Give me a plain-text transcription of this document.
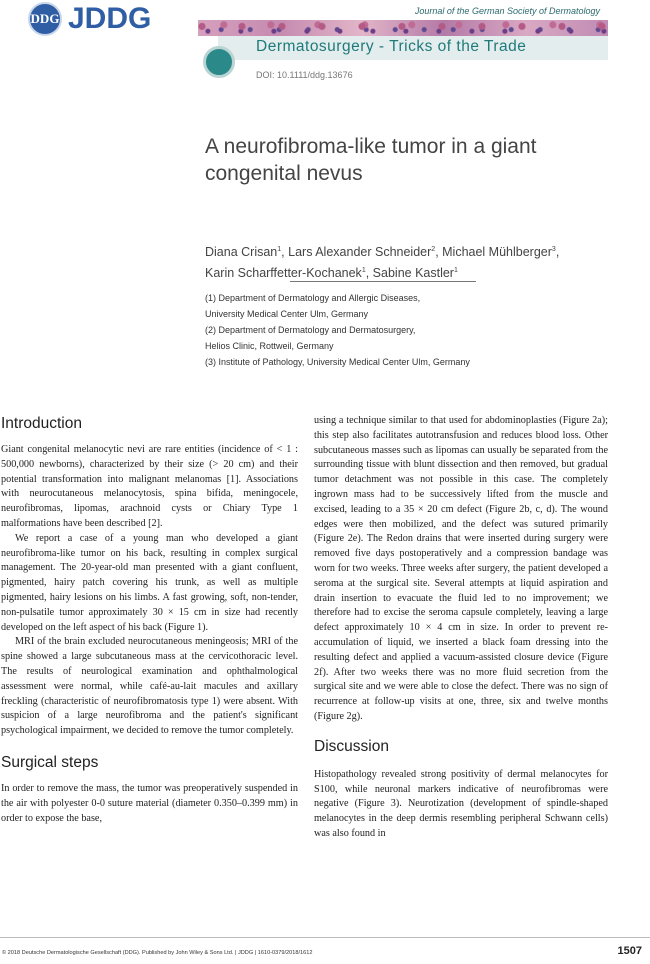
DDG JDDG	Journal of the German Society of Dermatology
Dermatosurgery - Tricks of the Trade
DOI: 10.1111/ddg.13676
A neurofibroma-like tumor in a giant
congenital nevus
Diana Crisan$^1$, Lars Alexander Schneider$^2$, Michael Mühlberger$^3$,
Karin Scharffetter-Kochanek$^1$, Sabine Kastler$^1$
(1) Department of Dermatology and Allergic Diseases,
University Medical Center Ulm, Germany
(2) Department of Dermatology and Dermatosurgery,
Helios Clinic, Rottweil, Germany
(3) Institute of Pathology, University Medical Center Ulm, Germany
Introduction

Giant congenital melanocytic nevi are rare entities (incidence of < 1 : 500,000 newborns), characterized by their size (> 20 cm) and their potential transformation into malignant melanomas [1]. Associations with neurocutaneous melanocytosis, spina bifida, meningocele, neurofibromas, lipomas, arachnoid cysts or Chiary Type 1 malformations have been described [2].

We report a case of a young man who developed a giant neurofibroma-like tumor on his back, resulting in complex surgical management. The 20-year-old man presented with a giant confluent, pigmented, hairy patch covering his trunk, as well as multiple pigmented, hairy lesions on his limbs. A fast growing, soft, non-tender, non-pulsatile tumor approximately 30 × 15 cm in size had recently developed on the left aspect of his back (Figure 1).

MRI of the brain excluded neurocutaneous meningeosis; MRI of the spine showed a large subcutaneous mass at the cervicothoracic level. The results of neurological examination and ophthalmological assessment were normal, while café-au-lait macules and axillary freckling (characteristic of neurofibromatosis type 1) were absent. With suspicion of a large neurofibroma and the patient's significant psychological impairment, we decided to remove the tumor completely.

Surgical steps

In order to remove the mass, the tumor was preoperatively suspended in the air with polyester 0-0 suture material (diameter 0.350–0.399 mm) in order to expose the base,

using a technique similar to that used for abdominoplasties (Figure 2a); this step also facilitates autotransfusion and reduces blood loss. Other subcutaneous masses such as lipomas can usually be separated from the surrounding tissue with blunt dissection and then removed, but gradual tumor detachment was not possible in this case. The completely ingrown mass had to be successively lifted from the muscle and excised, leading to a 35 × 20 cm defect (Figure 2b, c, d). The wound edges were then mobilized, and the defect was sutured primarily (Figure 2e). The Redon drains that were inserted during surgery were removed five days postoperatively and a compression bandage was worn for two weeks. Three weeks after surgery, the patient developed a seroma at the surgical site. Several attempts at liquid aspiration and drain insertion to evacuate the fluid led to no improvement; we therefore had to excise the seroma capsule completely, leaving a large defect approximately 10 × 4 cm in size. In order to prevent re-accumulation of liquid, we inserted a black foam dressing into the resulting defect and applied a vacuum-assisted closure device (Figure 2f). After two weeks there was no more fluid secretion from the surgical site and we were able to close the defect. There was no sign of recurrence at follow-up visits at one, three, six and twelve months (Figure 2g).

Discussion

Histopathology revealed strong positivity of dermal melanocytes for S100, while neuronal markers indicative of neurofibromas were negative (Figure 3). Neurotization (development of spindle-shaped melanocytes in the deep dermis resembling peripheral Schwann cells) was also found in

© 2018 Deutsche Dermatologische Gesellschaft (DDG). Published by John Wiley & Sons Ltd. | JDDG | 1610-0379/2018/1612	1507
